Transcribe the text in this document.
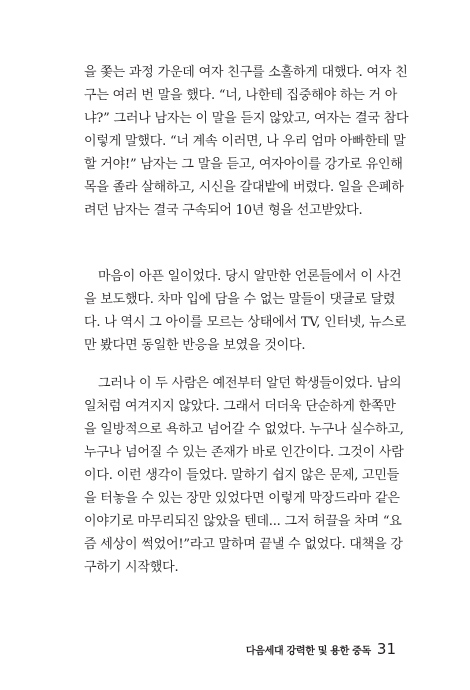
을 쫓는 과정 가운데 여자 친구를 소홀하게 대했다. 여자 친
구는 여러 번 말을 했다. “너, 나한테 집중해야 하는 거 아
냐?” 그러나 남자는 이 말을 듣지 않았고, 여자는 결국 참다
이렇게 말했다. “너 계속 이러면, 나 우리 엄마 아빠한테 말
할 거야!” 남자는 그 말을 듣고, 여자아이를 강가로 유인해
목을 졸라 살해하고, 시신을 갈대밭에 버렸다. 일을 은폐하
려던 남자는 결국 구속되어 10년 형을 선고받았다.
마음이 아픈 일이었다. 당시 알만한 언론들에서 이 사건
을 보도했다. 차마 입에 담을 수 없는 말들이 댓글로 달렸
다. 나 역시 그 아이를 모르는 상태에서 TV, 인터넷, 뉴스로
만 봤다면 동일한 반응을 보였을 것이다.
그러나 이 두 사람은 예전부터 알던 학생들이었다. 남의
일처럼 여겨지지 않았다. 그래서 더더욱 단순하게 한쪽만
을 일방적으로 욕하고 넘어갈 수 없었다. 누구나 실수하고,
누구나 넘어질 수 있는 존재가 바로 인간이다. 그것이 사람
이다. 이런 생각이 들었다. 말하기 쉽지 않은 문제, 고민들
을 터놓을 수 있는 장만 있었다면 이렇게 막장드라마 같은
이야기로 마무리되진 않았을 텐데... 그저 허끌을 차며 “요
즘 세상이 썩었어!”라고 말하며 끝낼 수 없었다. 대책을 강
구하기 시작했다.
다음세대 강력한 및 용한 중독 31
